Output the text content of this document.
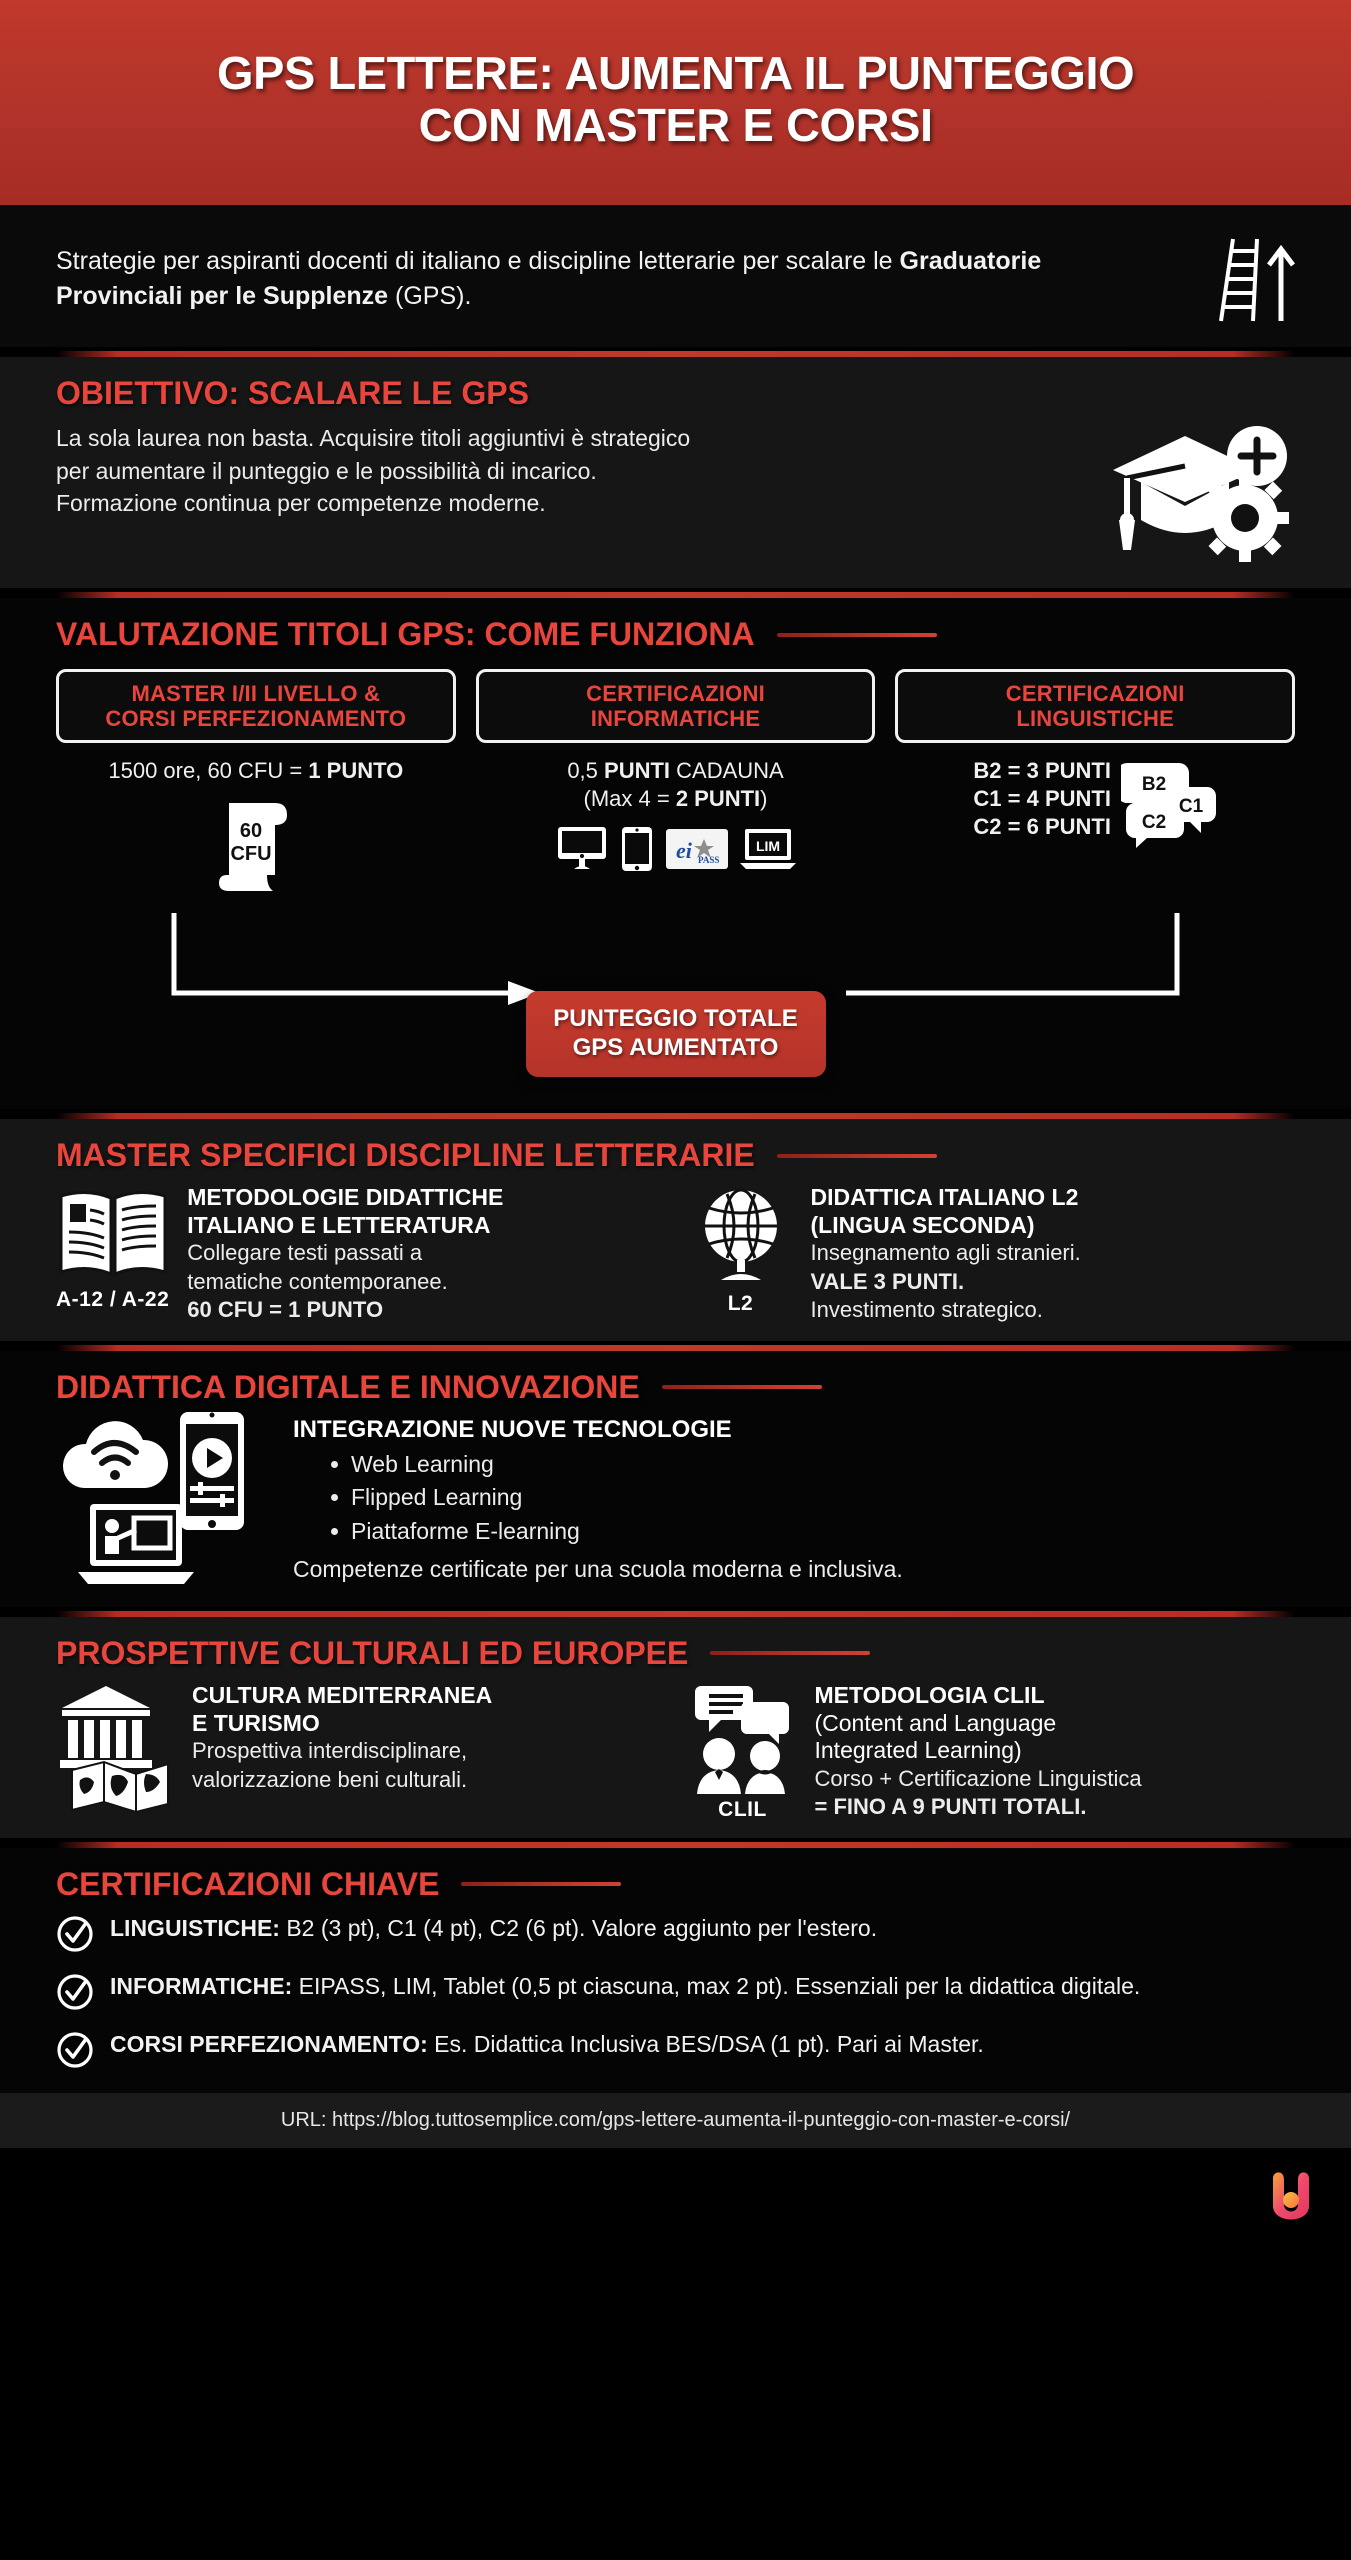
GPS LETTERE: AUMENTA IL PUNTEGGIO
CON MASTER E CORSI

Strategie per aspiranti docenti di italiano e discipline letterarie per scalare le Graduatorie Provinciali per le Supplenze (GPS).

OBIETTIVO: SCALARE LE GPS
La sola laurea non basta. Acquisire titoli aggiuntivi è strategico
per aumentare il punteggio e le possibilità di incarico.
Formazione continua per competenze moderne.
VALUTAZIONE TITOLI GPS: COME FUNZIONA
MASTER I/II LIVELLO &
CORSI PERFEZIONAMENTO
1500 ore, 60 CFU = 1 PUNTO
60
CFU
CERTIFICAZIONI
INFORMATICHE
0,5 PUNTI CADAUNA
(Max 4 = 2 PUNTI)
ei PASS
LIM
CERTIFICAZIONI
LINGUISTICHE
B2 = 3 PUNTI
C1 = 4 PUNTI
C2 = 6 PUNTI
B2
C1
C2
PUNTEGGIO TOTALE
GPS AUMENTATO
MASTER SPECIFICI DISCIPLINE LETTERARIE
A-12 / A-22
METODOLOGIE DIDATTICHE
ITALIANO E LETTERATURA

Collegare testi passati a
tematiche contemporanee.
60 CFU = 1 PUNTO	L2
DIDATTICA ITALIANO L2
(LINGUA SECONDA)

Insegnamento agli stranieri.
VALE 3 PUNTI.
Investimento strategico.

DIDATTICA DIGITALE E INNOVAZIONE
INTEGRAZIONE NUOVE TECNOLOGIE
Web Learning
Flipped Learning
Piattaforme E-learning
Competenze certificate per una scuola moderna e inclusiva.
PROSPETTIVE CULTURALI ED EUROPEE
CULTURA MEDITERRANEA
E TURISMO

Prospettiva interdisciplinare,
valorizzazione beni culturali.

CLIL
METODOLOGIA CLIL
(Content and Language
Integrated Learning)

Corso + Certificazione Linguistica
= FINO A 9 PUNTI TOTALI.

CERTIFICAZIONI CHIAVE
LINGUISTICHE: B2 (3 pt), C1 (4 pt), C2 (6 pt). Valore aggiunto per l'estero.
INFORMATICHE: EIPASS, LIM, Tablet (0,5 pt ciascuna, max 2 pt). Essenziali per la didattica digitale.
CORSI PERFEZIONAMENTO: Es. Didattica Inclusiva BES/DSA (1 pt). Pari ai Master.
URL: https://blog.tuttosemplice.com/gps-lettere-aumenta-il-punteggio-con-master-e-corsi/
